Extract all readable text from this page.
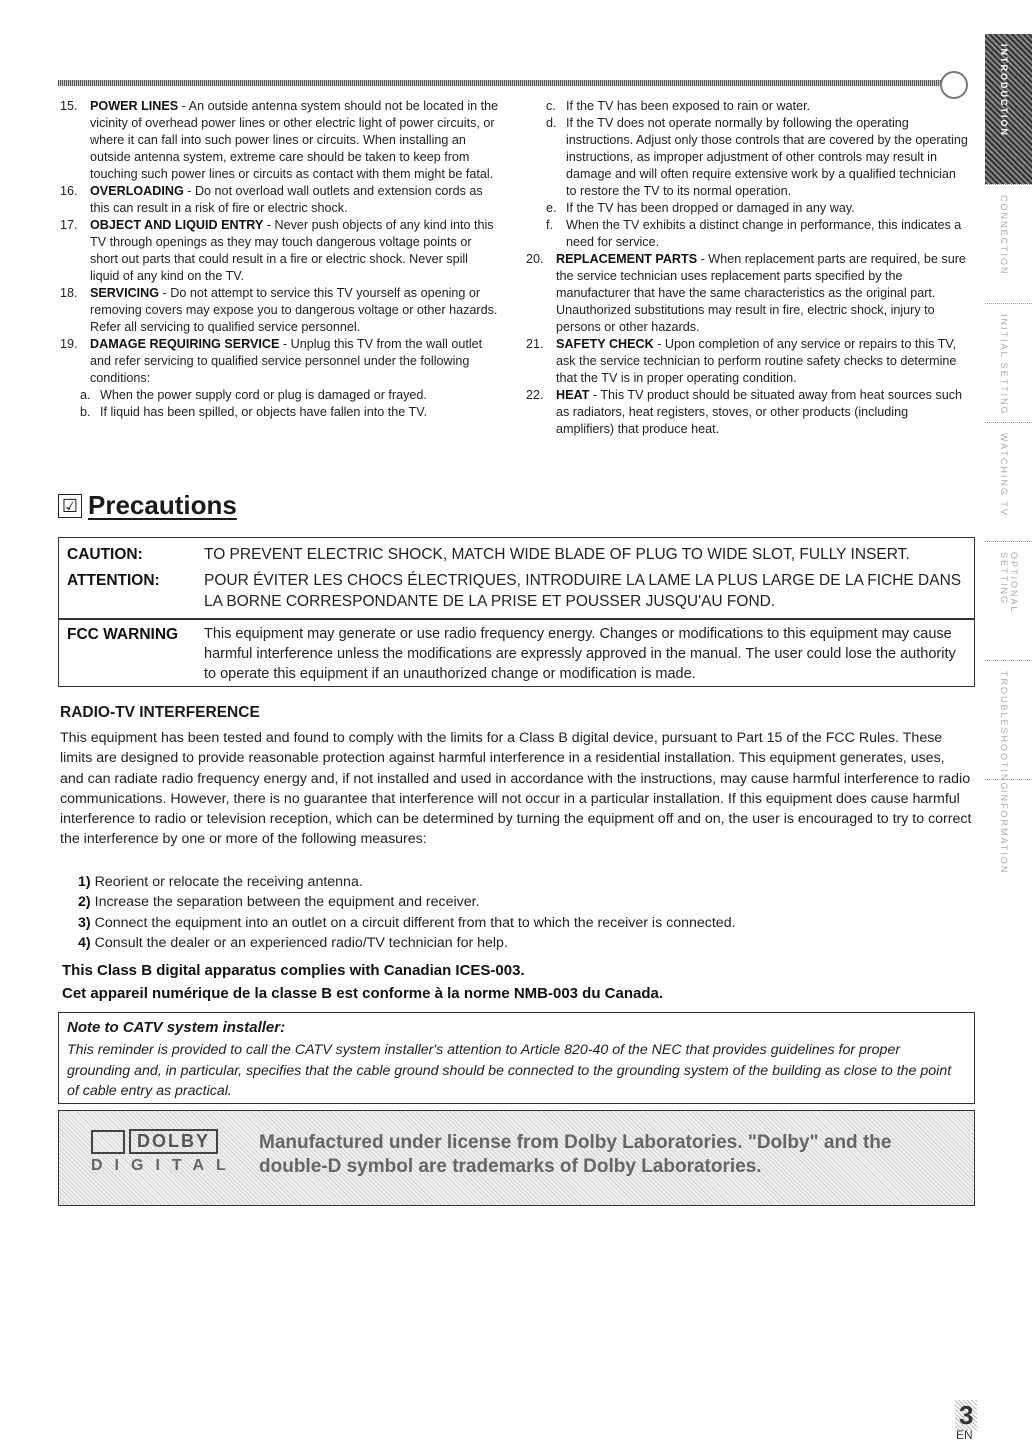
15. POWER LINES - An outside antenna system should not be located in the vicinity of overhead power lines or other electric light of power circuits, or where it can fall into such power lines or circuits. When installing an outside antenna system, extreme care should be taken to keep from touching such power lines or circuits as contact with them might be fatal.
16. OVERLOADING - Do not overload wall outlets and extension cords as this can result in a risk of fire or electric shock.
17. OBJECT AND LIQUID ENTRY - Never push objects of any kind into this TV through openings as they may touch dangerous voltage points or short out parts that could result in a fire or electric shock. Never spill liquid of any kind on the TV.
18. SERVICING - Do not attempt to service this TV yourself as opening or removing covers may expose you to dangerous voltage or other hazards. Refer all servicing to qualified service personnel.
19. DAMAGE REQUIRING SERVICE - Unplug this TV from the wall outlet and refer servicing to qualified service personnel under the following conditions:
a. When the power supply cord or plug is damaged or frayed.
b. If liquid has been spilled, or objects have fallen into the TV.
c. If the TV has been exposed to rain or water.
d. If the TV does not operate normally by following the operating instructions. Adjust only those controls that are covered by the operating instructions, as improper adjustment of other controls may result in damage and will often require extensive work by a qualified technician to restore the TV to its normal operation.
e. If the TV has been dropped or damaged in any way.
f.	When the TV exhibits a distinct change in performance, this indicates a need for service.
20. REPLACEMENT PARTS - When replacement parts are required, be sure the service technician uses replacement parts specified by the manufacturer that have the same characteristics as the original part. Unauthorized substitutions may result in fire, electric shock, injury to persons or other hazards.
21. SAFETY CHECK - Upon completion of any service or repairs to this TV, ask the service technician to perform routine safety checks to determine that the TV is in proper operating condition.
22. HEAT - This TV product should be situated away from heat sources such as radiators, heat registers, stoves, or other products (including amplifiers) that produce heat.
☑ Precautions
CAUTION:	TO PREVENT ELECTRIC SHOCK, MATCH WIDE BLADE OF PLUG TO WIDE SLOT, FULLY INSERT.
ATTENTION:	POUR ÉVITER LES CHOCS ÉLECTRIQUES, INTRODUIRE LA LAME LA PLUS LARGE DE LA FICHE DANS LA BORNE CORRESPONDANTE DE LA PRISE ET POUSSER JUSQU'AU FOND.
FCC WARNING	This equipment may generate or use radio frequency energy. Changes or modifications to this equipment may cause harmful interference unless the modifications are expressly approved in the manual. The user could lose the authority to operate this equipment if an unauthorized change or modification is made.
RADIO-TV INTERFERENCE
This equipment has been tested and found to comply with the limits for a Class B digital device, pursuant to Part 15 of the FCC Rules. These limits are designed to provide reasonable protection against harmful interference in a residential installation. This equipment generates, uses, and can radiate radio frequency energy and, if not installed and used in accordance with the instructions, may cause harmful interference to radio communications. However, there is no guarantee that interference will not occur in a particular installation. If this equipment does cause harmful interference to radio or television reception, which can be determined by turning the equipment off and on, the user is encouraged to try to correct the interference by one or more of the following measures:
1) Reorient or relocate the receiving antenna.
2) Increase the separation between the equipment and receiver.
3) Connect the equipment into an outlet on a circuit different from that to which the receiver is connected.
4) Consult the dealer or an experienced radio/TV technician for help.
This Class B digital apparatus complies with Canadian ICES-003.
Cet appareil numérique de la classe B est conforme à la norme NMB-003 du Canada.
Note to CATV system installer:
This reminder is provided to call the CATV system installer's attention to Article 820-40 of the NEC that provides guidelines for proper grounding and, in particular, specifies that the cable ground should be connected to the grounding system of the building as close to the point of cable entry as practical.
DOLBY
DIGITAL
Manufactured under license from Dolby Laboratories. "Dolby" and the double-D symbol are trademarks of Dolby Laboratories.
INTRODUCTION
CONNECTION
INITIAL SETTING
WATCHING TV
OPTIONAL SETTING
TROUBLESHOOTING
INFORMATION
3
EN
